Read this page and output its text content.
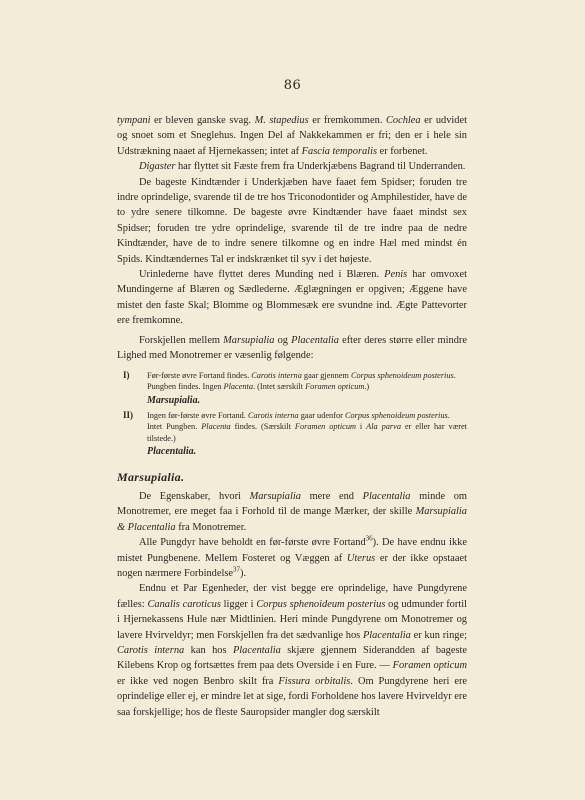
86

tympani er bleven ganske svag. M. stapedius er fremkommen. Cochlea er udvidet og snoet som et Sneglehus. Ingen Del af Nakkekammen er fri; den er i hele sin Udstrækning naaet af Hjernekassen; intet af Fascia temporalis er forbenet.

Digaster har flyttet sit Fæste frem fra Underkjæbens Bagrand til Underranden.

De bageste Kindtænder i Underkjæben have faaet fem Spidser; foruden tre indre oprindelige, svarende til de tre hos Triconodontider og Amphilestider, have de to ydre senere tilkomne. De bageste øvre Kindtænder have faaet mindst sex Spidser; foruden tre ydre oprindelige, svarende til de tre indre paa de nedre Kindtænder, have de to indre senere tilkomne og en indre Hæl med mindst én Spids. Kindtændernes Tal er indskrænket til syv i det højeste.

Urinlederne have flyttet deres Munding ned i Blæren. Penis har omvoxet Mundingerne af Blæren og Sædlederne. Æglægningen er opgiven; Æggene have mistet den faste Skal; Blomme og Blommesæk ere svundne ind. Ægte Pattevorter ere fremkomne.

Forskjellen mellem Marsupialia og Placentalia efter deres større eller mindre Lighed med Monotremer er væsenlig følgende:

I) Før-første øvre Fortand findes. Carotis interna gaar gjennem Corpus sphenoideum posterius.

Pungben findes. Ingen Placenta. (Intet særskilt Foramen opticum.)

Marsupialia.
II) Ingen før-første øvre Fortand. Carotis interna gaar udenfor Corpus sphenoideum posterius.

Intet Pungben. Placenta findes. (Særskilt Foramen opticum i Ala parva er eller har været tilstede.)

Placentalia.
Marsupialia.

De Egenskaber, hvori Marsupialia mere end Placentalia minde om Monotremer, ere meget faa i Forhold til de mange Mærker, der skille Marsupialia & Placentalia fra Monotremer.

Alle Pungdyr have beholdt en før-første øvre Fortand$^{36}$). De have endnu ikke mistet Pungbenene. Mellem Fosteret og Væggen af Uterus er der ikke opstaaet nogen nærmere Forbindelse$^{37}$).

Endnu et Par Egenheder, der vist begge ere oprindelige, have Pungdyrene fælles: Canalis caroticus ligger i Corpus sphenoideum posterius og udmunder fortil i Hjernekassens Hule nær Midtlinien. Heri minde Pungdyrene om Monotremer og lavere Hvirveldyr; men Forskjellen fra det sædvanlige hos Placentalia er kun ringe; Carotis interna kan hos Placentalia skjære gjennem Siderandden af bageste Kilebens Krop og fortsættes frem paa dets Overside i en Fure. — Foramen opticum er ikke ved nogen Benbro skilt fra Fissura orbitalis. Om Pungdyrene heri ere oprindelige eller ej, er mindre let at sige, fordi Forholdene hos lavere Hvirveldyr ere saa forskjellige; hos de fleste Sauropsider mangler dog særskilt
